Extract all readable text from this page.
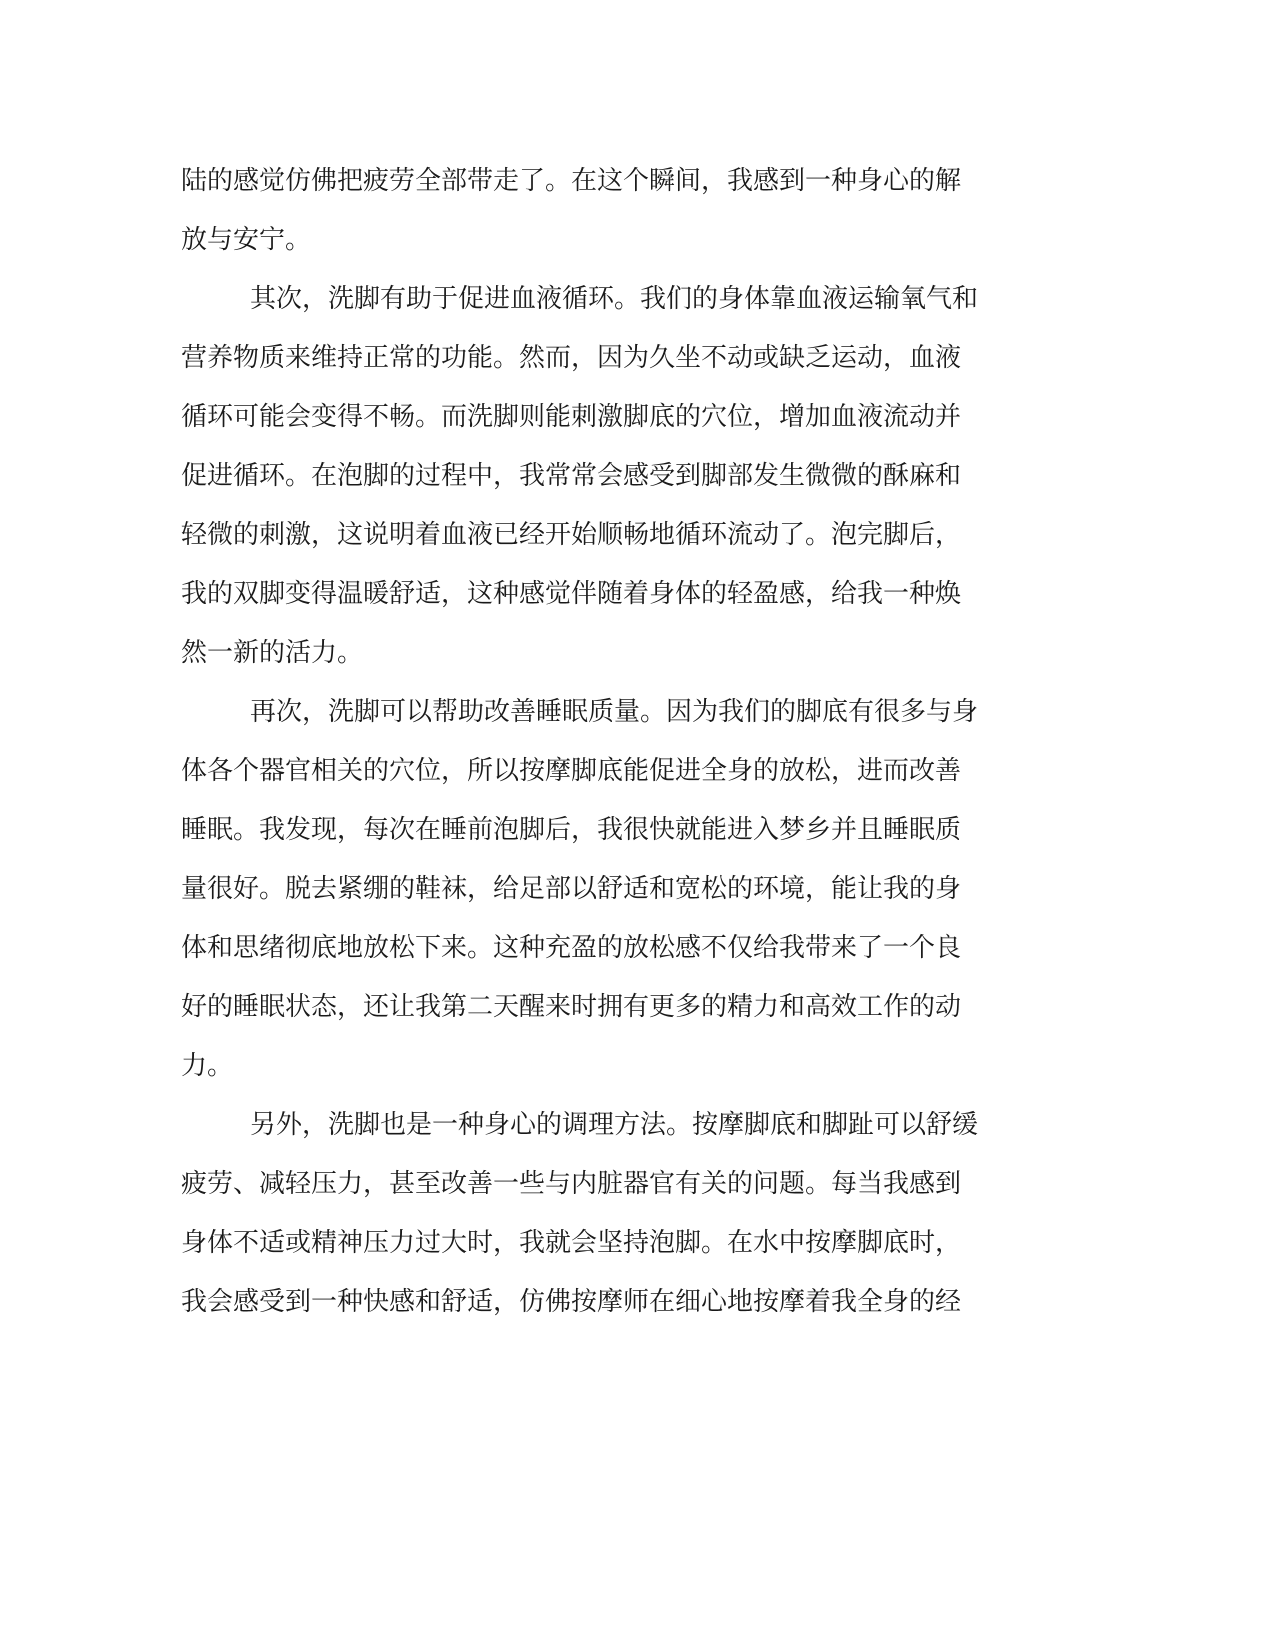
陆的感觉仿佛把疲劳全部带走了。在这个瞬间，我感到一种身心的解
放与安宁。
其次，洗脚有助于促进血液循环。我们的身体靠血液运输氧气和
营养物质来维持正常的功能。然而，因为久坐不动或缺乏运动，血液
循环可能会变得不畅。而洗脚则能刺激脚底的穴位，增加血液流动并
促进循环。在泡脚的过程中，我常常会感受到脚部发生微微的酥麻和
轻微的刺激，这说明着血液已经开始顺畅地循环流动了。泡完脚后，
我的双脚变得温暖舒适，这种感觉伴随着身体的轻盈感，给我一种焕
然一新的活力。
再次，洗脚可以帮助改善睡眠质量。因为我们的脚底有很多与身
体各个器官相关的穴位，所以按摩脚底能促进全身的放松，进而改善
睡眠。我发现，每次在睡前泡脚后，我很快就能进入梦乡并且睡眠质
量很好。脱去紧绷的鞋袜，给足部以舒适和宽松的环境，能让我的身
体和思绪彻底地放松下来。这种充盈的放松感不仅给我带来了一个良
好的睡眠状态，还让我第二天醒来时拥有更多的精力和高效工作的动
力。
另外，洗脚也是一种身心的调理方法。按摩脚底和脚趾可以舒缓
疲劳、减轻压力，甚至改善一些与内脏器官有关的问题。每当我感到
身体不适或精神压力过大时，我就会坚持泡脚。在水中按摩脚底时，
我会感受到一种快感和舒适，仿佛按摩师在细心地按摩着我全身的经
